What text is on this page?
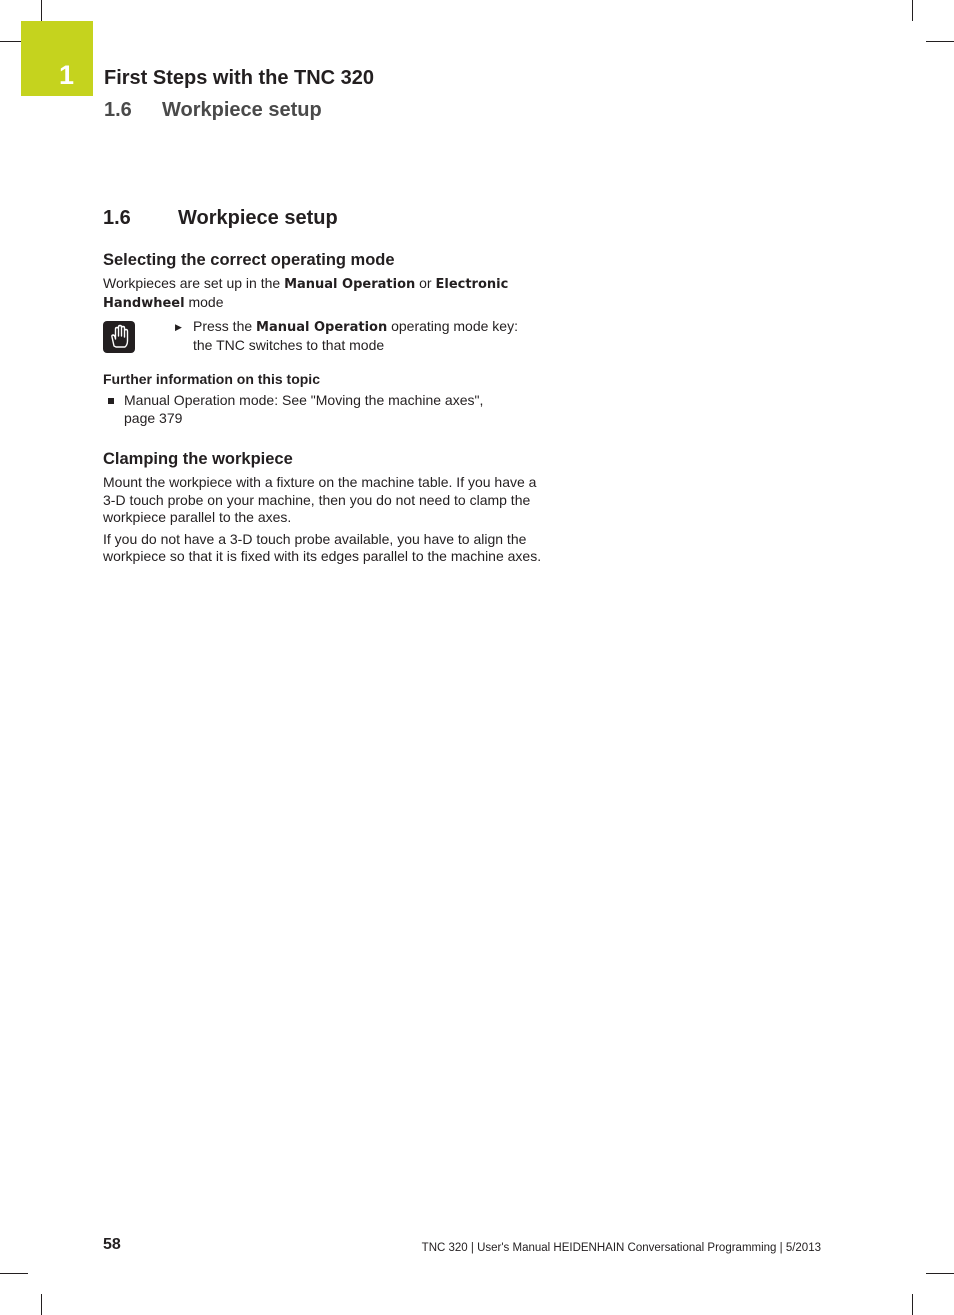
1 First Steps with the TNC 320
1.6 Workpiece setup
1.6 Workpiece setup
Selecting the correct operating mode

Workpieces are set up in the Manual Operation or Electronic
Handwheel mode

▶ Press the Manual Operation operating mode key:
the TNC switches to that mode

Further information on this topic

Manual Operation mode: See "Moving the machine axes",
page 379

Clamping the workpiece

Mount the workpiece with a fixture on the machine table. If you have a 3-D touch probe on your machine, then you do not need to clamp the workpiece parallel to the axes.

If you do not have a 3-D touch probe available, you have to align the workpiece so that it is fixed with its edges parallel to the machine axes.

58	TNC 320 | User's Manual HEIDENHAIN Conversational Programming | 5/2013
